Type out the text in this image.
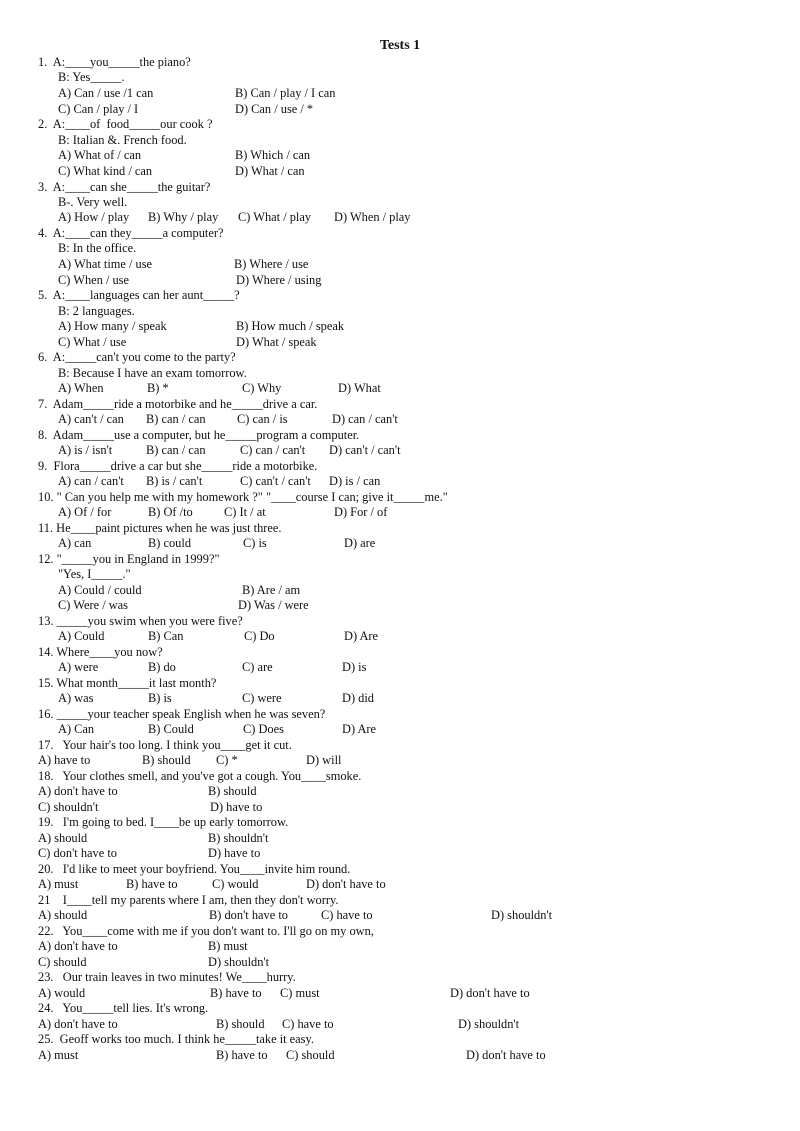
Tests 1
1.  A:____you_____the piano?
B: Yes_____.
A) Can / use /1 can	B) Can / play / I can
C) Can / play / I	D) Can / use / *
2.  A:____of  food_____our cook ?
B: Italian &. French food.
A) What of / can	B) Which / can
C) What kind / can	D) What / can
3.  A:____can she_____the guitar?
B-. Very well.
A) How / play B) Why / play C) What / play D) When / play
4.  A:____can they_____a computer?
B: In the office.
A) What time / use	B) Where / use
C) When / use	D) Where / using
5.  A:____languages can her aunt_____?
B: 2 languages.
A) How many / speak	B) How much / speak
C) What / use	D) What / speak
6.  A:_____can't you come to the party?
B: Because I have an exam tomorrow.
A) When	B) *	C) Why	D) What
7.  Adam_____ride a motorbike and he_____drive a car.
A) can't / can B) can / can	C) can / is	D) can / can't
8.  Adam_____use a computer, but he_____program a computer.
A) is / isn't	B) can / can	C) can / can't D) can't / can't
9.  Flora_____drive a car but she_____ride a motorbike.
A) can / can't B) is / can't	C) can't / can't D) is / can
10. " Can you help me with my homework ?" "____course I can; give it_____me."
A) Of / for	B) Of /to	C) It / at	D) For / of
11. He____paint pictures when he was just three.
A) can	B) could	C) is	D) are
12. "_____you in England in 1999?"
"Yes, I_____."
A) Could / could	B) Are / am
C) Were / was	D) Was / were
13. _____you swim when you were five?
A) Could	B) Can	C) Do	D) Are
14. Where____you now?
A) were	B) do	C) are	D) is
15. What month_____it last month?
A) was	B) is	C) were	D) did
16. _____your teacher speak English when he was seven?
A) Can	B) Could	C) Does	D) Are
17.   Your hair's too long. I think you____get it cut.
A) have to	B) should C) *	D) will
18.   Your clothes smell, and you've got a cough. You____smoke.
A) don't have to	B) should
C) shouldn't	D) have to
19.   I'm going to bed. I____be up early tomorrow.
A) should	B) shouldn't
C) don't have to	D) have to
20.   I'd like to meet your boyfriend. You____invite him round.
A) must	B) have to	C) would	D) don't have to
21    I____tell my parents where I am, then they don't worry.
A) should	B) don't have to	C) have to	D) shouldn't
22.   You____come with me if you don't want to. I'll go on my own,
A) don't have to	B) must
C) should	D) shouldn't
23.   Our train leaves in two minutes! We____hurry.
A) would	B) have to C) must	D) don't have to
24.   You_____tell lies. It's wrong.
A) don't have to	B) should C) have to	D) shouldn't
25.  Geoff works too much. I think he_____take it easy.
A) must	B) have to C) should	D) don't have to
